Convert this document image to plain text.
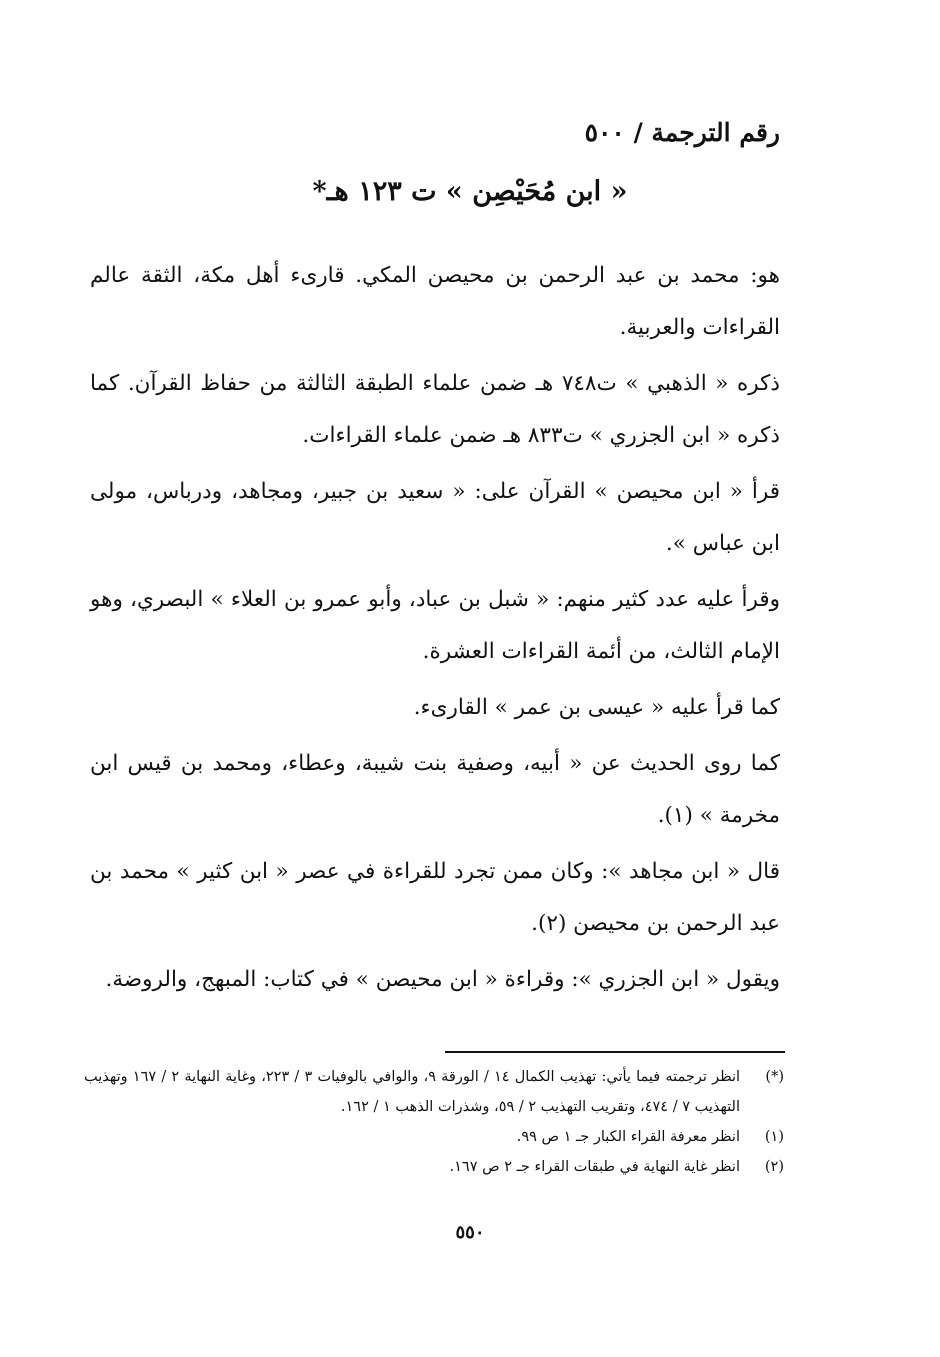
رقم الترجمة / ٥٠٠
« ابن مُحَيْصِن » ت ١٢٣ هـ*

هو: محمد بن عبد الرحمن بن محيصن المكي. قارىء أهل مكة، الثقة عالم القراءات والعربية.

ذكره « الذهبي » ت٧٤٨ هـ ضمن علماء الطبقة الثالثة من حفاظ القرآن. كما ذكره « ابن الجزري » ت٨٣٣ هـ ضمن علماء القراءات.

قرأ « ابن محيصن » القرآن على: « سعيد بن جبير، ومجاهد، ودرباس، مولى ابن عباس ».

وقرأ عليه عدد كثير منهم: « شبل بن عباد، وأبو عمرو بن العلاء » البصري، وهو الإمام الثالث، من أئمة القراءات العشرة.

كما قرأ عليه « عيسى بن عمر » القارىء.

كما روى الحديث عن « أبيه، وصفية بنت شيبة، وعطاء، ومحمد بن قيس ابن مخرمة » (١).

قال « ابن مجاهد »: وكان ممن تجرد للقراءة في عصر « ابن كثير » محمد بن عبد الرحمن بن محيصن (٢).

ويقول « ابن الجزري »: وقراءة « ابن محيصن » في كتاب: المبهج، والروضة.

(*)
انظر ترجمته فيما يأتي: تهذيب الكمال ١٤ / الورقة ٩، والوافي بالوفيات ٣ / ٢٢٣، وغاية النهاية ٢ / ١٦٧ وتهذيب التهذيب ٧ / ٤٧٤، وتقريب التهذيب ٢ / ٥٩، وشذرات الذهب ١ / ١٦٢.
(١)
انظر معرفة القراء الكبار جـ ١ ص ٩٩.
(٢)
انظر غاية النهاية في طبقات القراء جـ ٢ ص ١٦٧.
٥٥٠
